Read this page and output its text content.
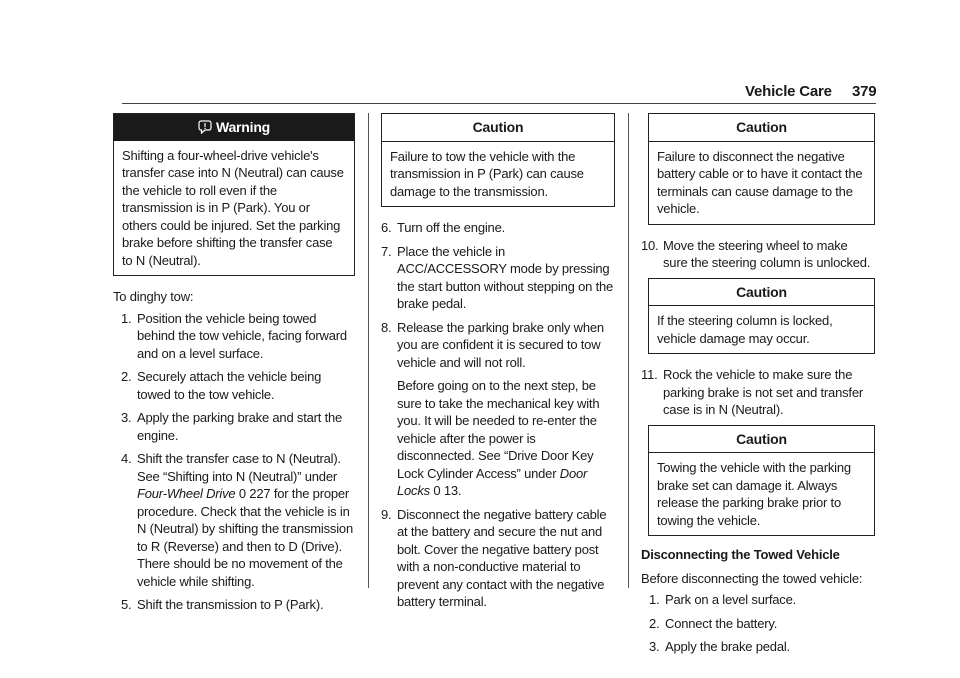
Vehicle Care 379
Warning
Shifting a four-wheel-drive vehicle's transfer case into N (Neutral) can cause the vehicle to roll even if the transmission is in P (Park). You or others could be injured. Set the parking brake before shifting the transfer case to N (Neutral).

To dinghy tow:

1. Position the vehicle being towed behind the tow vehicle, facing forward and on a level surface.
2. Securely attach the vehicle being towed to the tow vehicle.
3. Apply the parking brake and start the engine.
4. Shift the transfer case to N (Neutral). See “Shifting into N (Neutral)” under Four-Wheel Drive 0 227 for the proper procedure. Check that the vehicle is in N (Neutral) by shifting the transmission to R (Reverse) and then to D (Drive). There should be no movement of the vehicle while shifting.
5. Shift the transmission to P (Park).
Caution
Failure to tow the vehicle with the transmission in P (Park) can cause damage to the transmission.
6. Turn off the engine.
7. Place the vehicle in ACC/ACCESSORY mode by pressing the start button without stepping on the brake pedal.
8. Release the parking brake only when you are confident it is secured to tow vehicle and will not roll.

Before going on to the next step, be sure to take the mechanical key with you. It will be needed to re-enter the vehicle after the power is disconnected. See “Drive Door Key Lock Cylinder Access” under Door Locks 0 13.

9. Disconnect the negative battery cable at the battery and secure the nut and bolt. Cover the negative battery post with a non-conductive material to prevent any contact with the negative battery terminal.
Caution
Failure to disconnect the negative battery cable or to have it contact the terminals can cause damage to the vehicle.
10. Move the steering wheel to make sure the steering column is unlocked.
Caution
If the steering column is locked, vehicle damage may occur.
11. Rock the vehicle to make sure the parking brake is not set and transfer case is in N (Neutral).
Caution
Towing the vehicle with the parking brake set can damage it. Always release the parking brake prior to towing the vehicle.

Disconnecting the Towed Vehicle

Before disconnecting the towed vehicle:

1. Park on a level surface.
2. Connect the battery.
3. Apply the brake pedal.
